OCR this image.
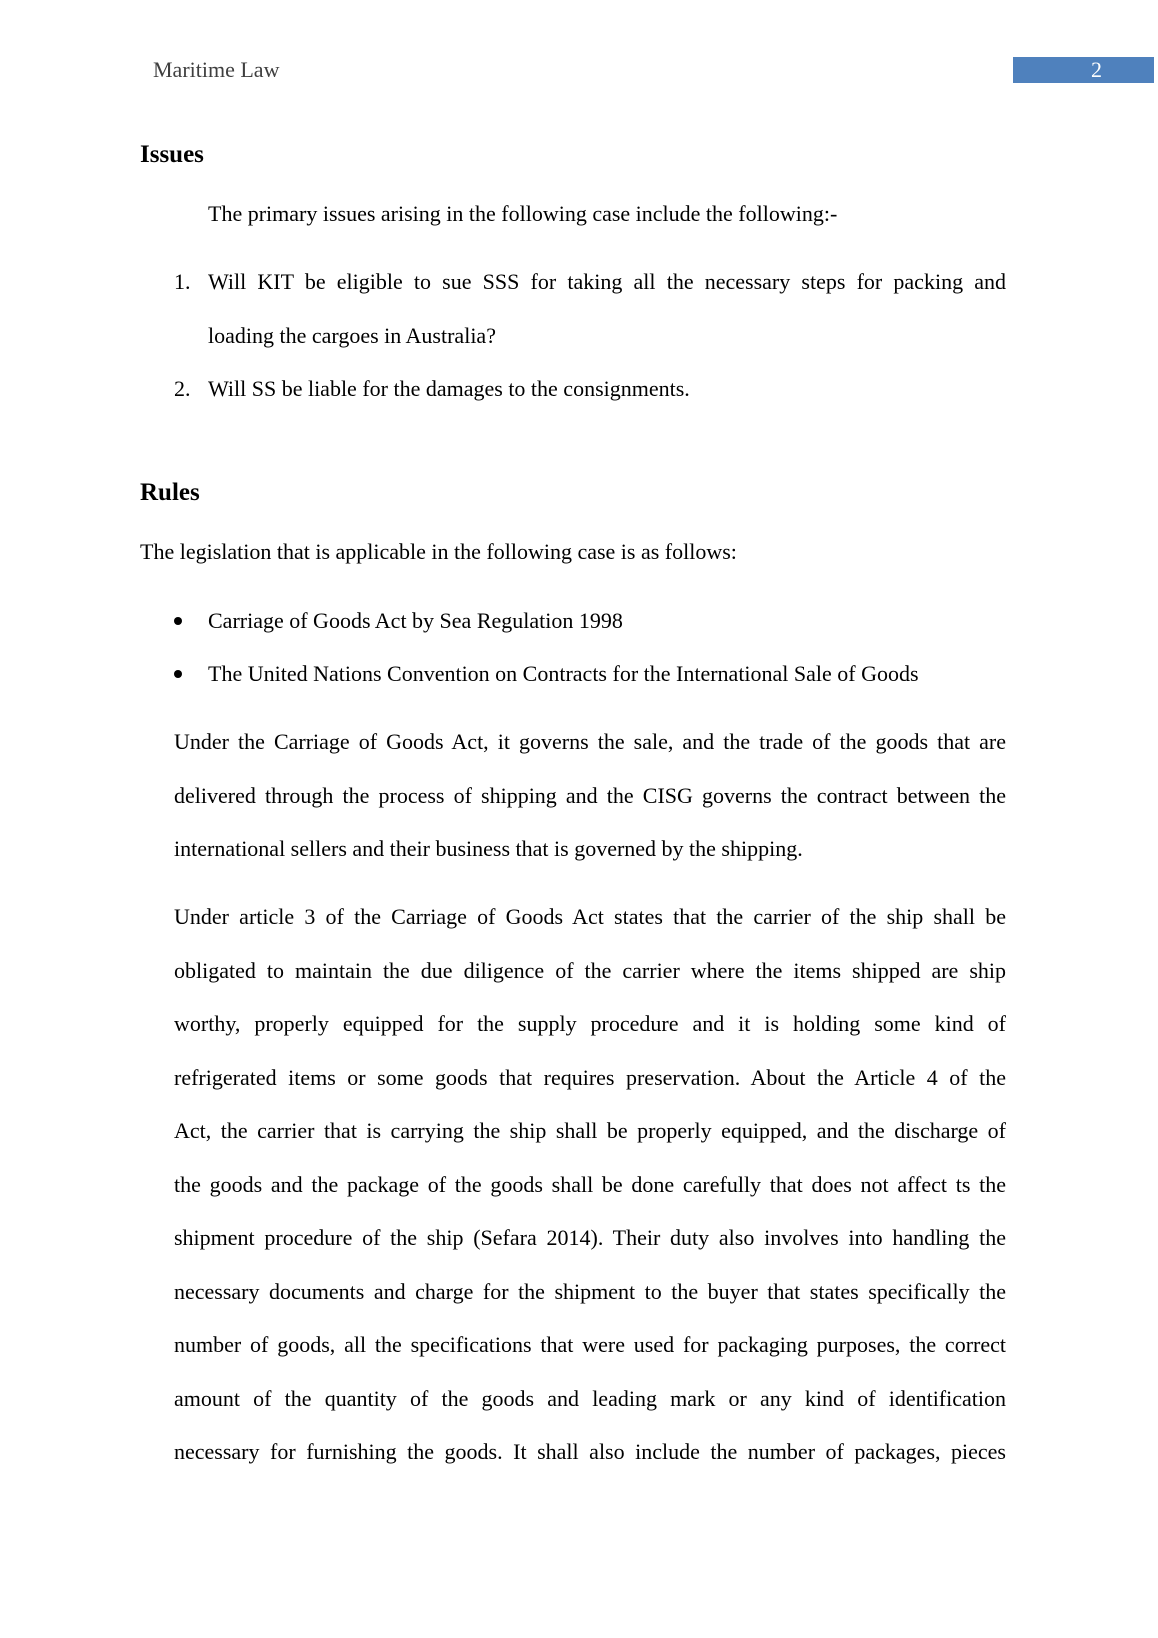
Maritime Law	2
Issues
The primary issues arising in the following case include the following:-
1. Will KIT be eligible to sue SSS for taking all the necessary steps for packing and
loading the cargoes in Australia?
2. Will SS be liable for the damages to the consignments.
Rules
The legislation that is applicable in the following case is as follows:
Carriage of Goods Act by Sea Regulation 1998
The United Nations Convention on Contracts for the International Sale of Goods
Under the Carriage of Goods Act, it governs the sale, and the trade of the goods that are
delivered through the process of shipping and the CISG governs the contract between the
international sellers and their business that is governed by the shipping.
Under article 3 of the Carriage of Goods Act states that the carrier of the ship shall be
obligated to maintain the due diligence of the carrier where the items shipped are ship
worthy, properly equipped for the supply procedure and it is holding some kind of
refrigerated items or some goods that requires preservation. About the Article 4 of the
Act, the carrier that is carrying the ship shall be properly equipped, and the discharge of
the goods and the package of the goods shall be done carefully that does not affect ts the
shipment procedure of the ship (Sefara 2014). Their duty also involves into handling the
necessary documents and charge for the shipment to the buyer that states specifically the
number of goods, all the specifications that were used for packaging purposes, the correct
amount of the quantity of the goods and leading mark or any kind of identification
necessary for furnishing the goods. It shall also include the number of packages, pieces
